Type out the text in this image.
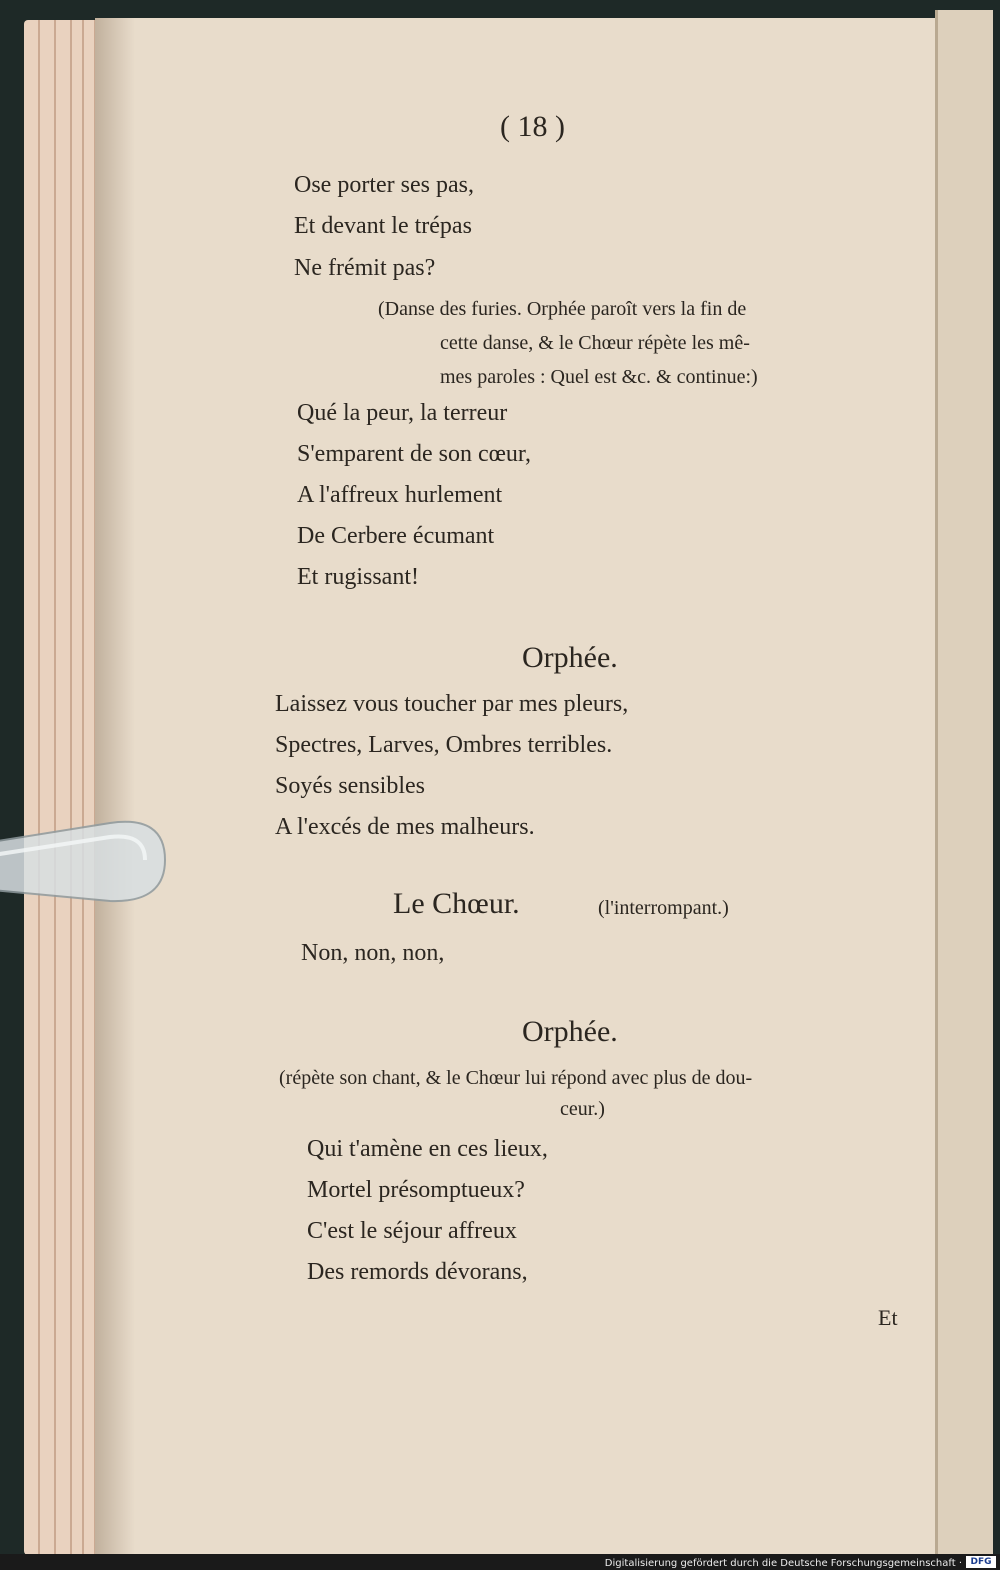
( 18 )
Ose porter ses pas,
Et devant le trépas
Ne frémit pas?
(Danse des furies. Orphée paroît vers la fin de
cette danse, & le Chœur répète les mê-
mes paroles : Quel est &c. & continue:)
Qué la peur, la terreur
S'emparent de son cœur,
A l'affreux hurlement
De Cerbere écumant
Et rugissant!
Orphée.
Laissez vous toucher par mes pleurs,
Spectres, Larves, Ombres terribles.
Soyés sensibles
A l'excés de mes malheurs.
Le Chœur.	(l'interrompant.)
Non, non, non,
Orphée.
(répète son chant, & le Chœur lui répond avec plus de dou-
ceur.)
Qui t'amène en ces lieux,
Mortel présomptueux?
C'est le séjour affreux
Des remords dévorans,
Et
Digitalisierung gefördert durch die Deutsche Forschungsgemeinschaft · DFG
